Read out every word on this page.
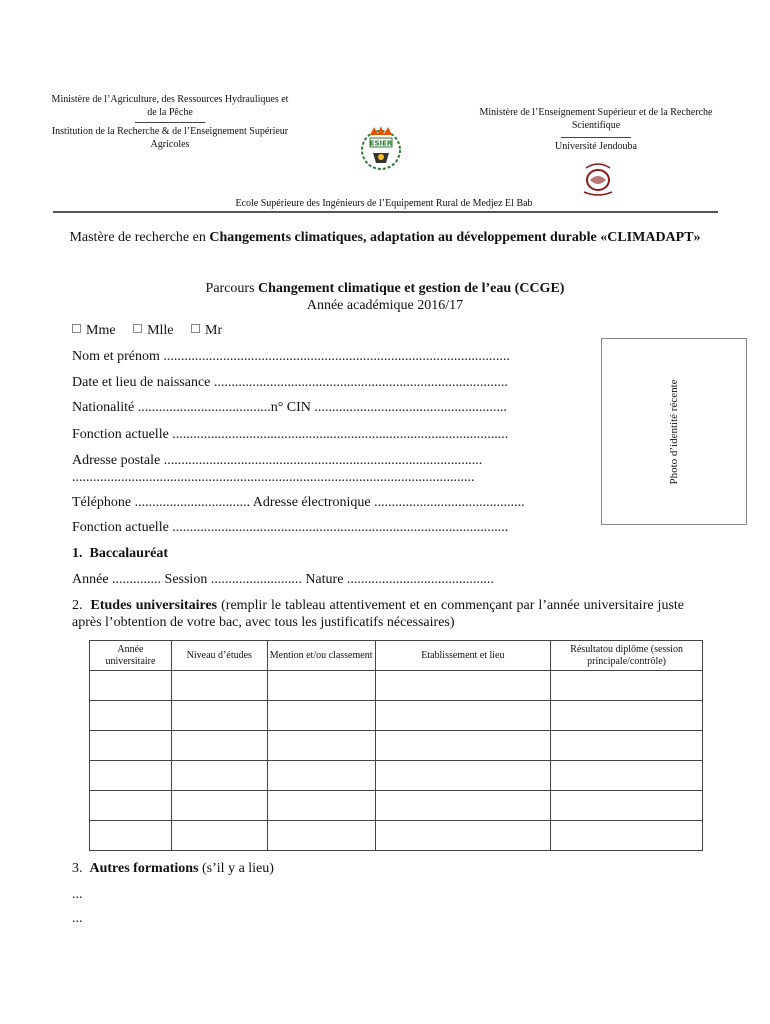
Ministère de l’Agriculture, des Ressources Hydrauliques et de la Pêche
Institution de la Recherche & de l’Enseignement Supérieur Agricoles	ESIER
Ministère de l’Enseignement Supérieur et de la Recherche Scientifique
Université Jendouba
Ecole Supérieure des Ingénieurs de l’Equipement Rural de Medjez El Bab
Mastère de recherche en Changements climatiques, adaptation au développement durable «CLIMADAPT»
Parcours Changement climatique et gestion de l’eau (CCGE)
Année académique 2016/17
Mme Mlle Mr
Nom et prénom ...................................................................................................
Date et lieu de naissance ....................................................................................
Nationalité ......................................n° CIN .......................................................
Fonction actuelle ................................................................................................
Adresse postale ...........................................................................................
...................................................................................................................
Téléphone ................................. Adresse électronique ...........................................
Fonction actuelle ................................................................................................
Photo d’identité récente
1. Baccalauréat
Année .............. Session .......................... Nature ..........................................
2. Etudes universitaires (remplir le tableau attentivement et en commençant par l’année universitaire juste après l’obtention de votre bac, avec tous les justificatifs nécessaires)
Année universitaire	Niveau d’études	Mention et/ou classement	Etablissement et lieu	Résultatou diplôme (session principale/contrôle)

3. Autres formations (s’il y a lieu)
...
...
